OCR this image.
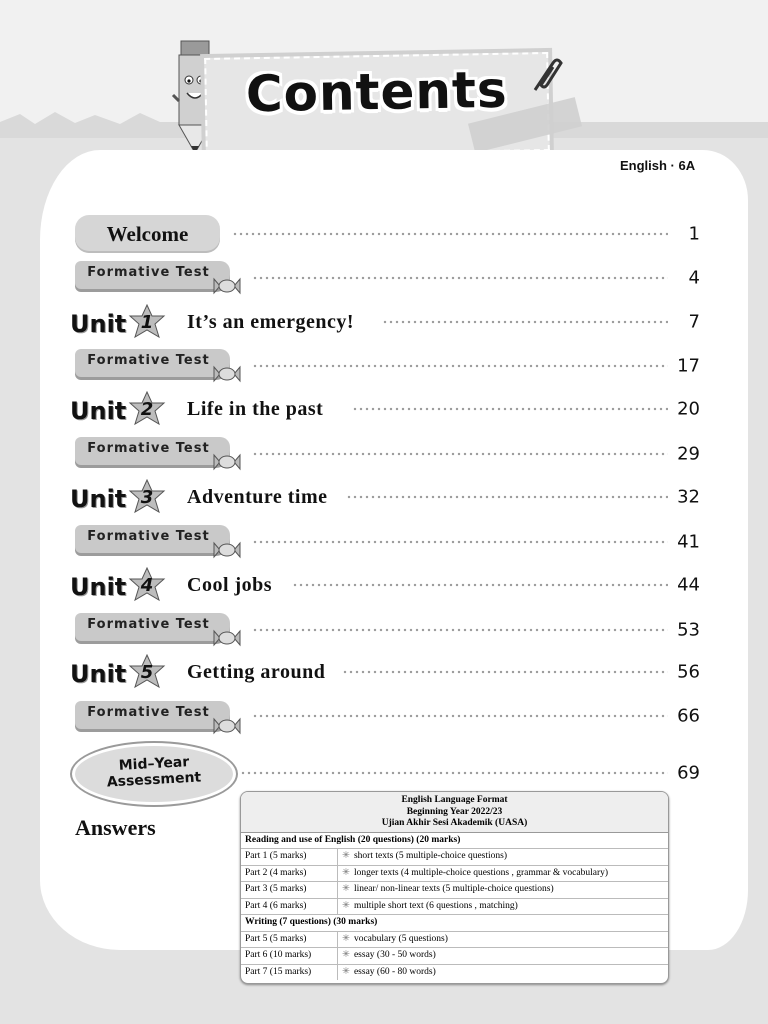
Contents
English · 6A
Welcome	1
Formative Test	4
Unit 1	It’s an emergency!	7
Formative Test	17
Unit 2	Life in the past	20
Formative Test	29
Unit 3	Adventure time	32
Formative Test	41
Unit 4	Cool jobs	44
Formative Test	53
Unit 5	Getting around	56
Formative Test	66
Mid–Year
Assessment	69
Answers
English Language Format
Beginning Year 2022/23
Ujian Akhir Sesi Akademik (UASA)
Reading and use of English (20 questions) (20 marks)	
Part 1 (5 marks)	✳ short texts (5 multiple-choice questions)
Part 2 (4 marks)	✳ longer texts (4 multiple-choice questions , grammar & vocabulary)
Part 3 (5 marks)	✳ linear/ non-linear texts (5 multiple-choice questions)
Part 4 (6 marks)	✳ multiple short text (6 questions , matching)
Writing (7 questions) (30 marks)	
Part 5 (5 marks)	✳ vocabulary (5 questions)
Part 6 (10 marks)	✳ essay (30 - 50 words)
Part 7 (15 marks)	✳ essay (60 - 80 words)
